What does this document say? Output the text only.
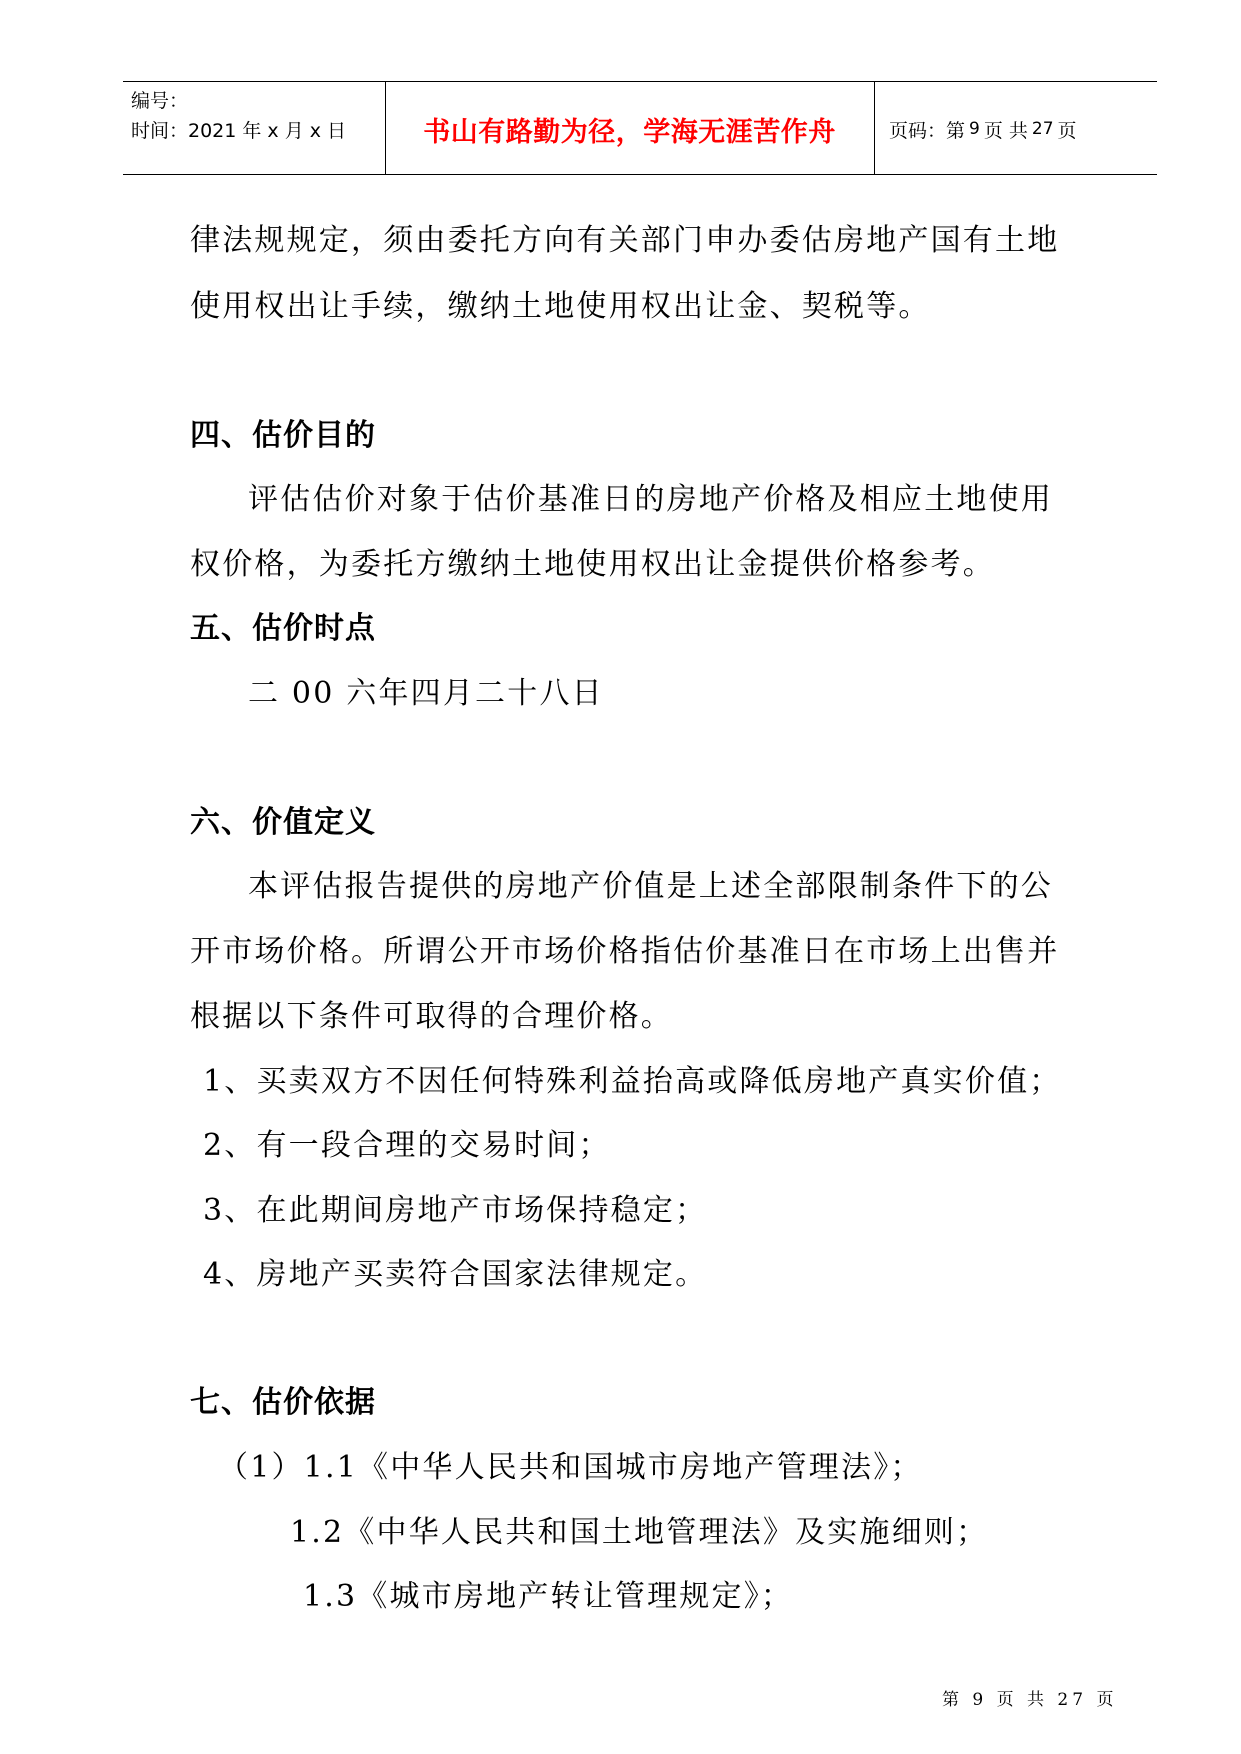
编号：
时间：2021 年 x 月 x 日	书山有路勤为径，学海无涯苦作舟	页码：第 9 页 共 27 页
律法规规定，须由委托方向有关部门申办委估房地产国有土地
使用权出让手续，缴纳土地使用权出让金、契税等。
四、估价目的
评估估价对象于估价基准日的房地产价格及相应土地使用
权价格，为委托方缴纳土地使用权出让金提供价格参考。
五、估价时点
二 00 六年四月二十八日
六、价值定义
本评估报告提供的房地产价值是上述全部限制条件下的公
开市场价格。所谓公开市场价格指估价基准日在市场上出售并
根据以下条件可取得的合理价格。
1、买卖双方不因任何特殊利益抬高或降低房地产真实价值；
2、有一段合理的交易时间；
3、在此期间房地产市场保持稳定；
4、房地产买卖符合国家法律规定。
七、估价依据
（1）1.1《中华人民共和国城市房地产管理法》；
1.2《中华人民共和国土地管理法》及实施细则；
1.3《城市房地产转让管理规定》；
第 9 页 共 27 页
